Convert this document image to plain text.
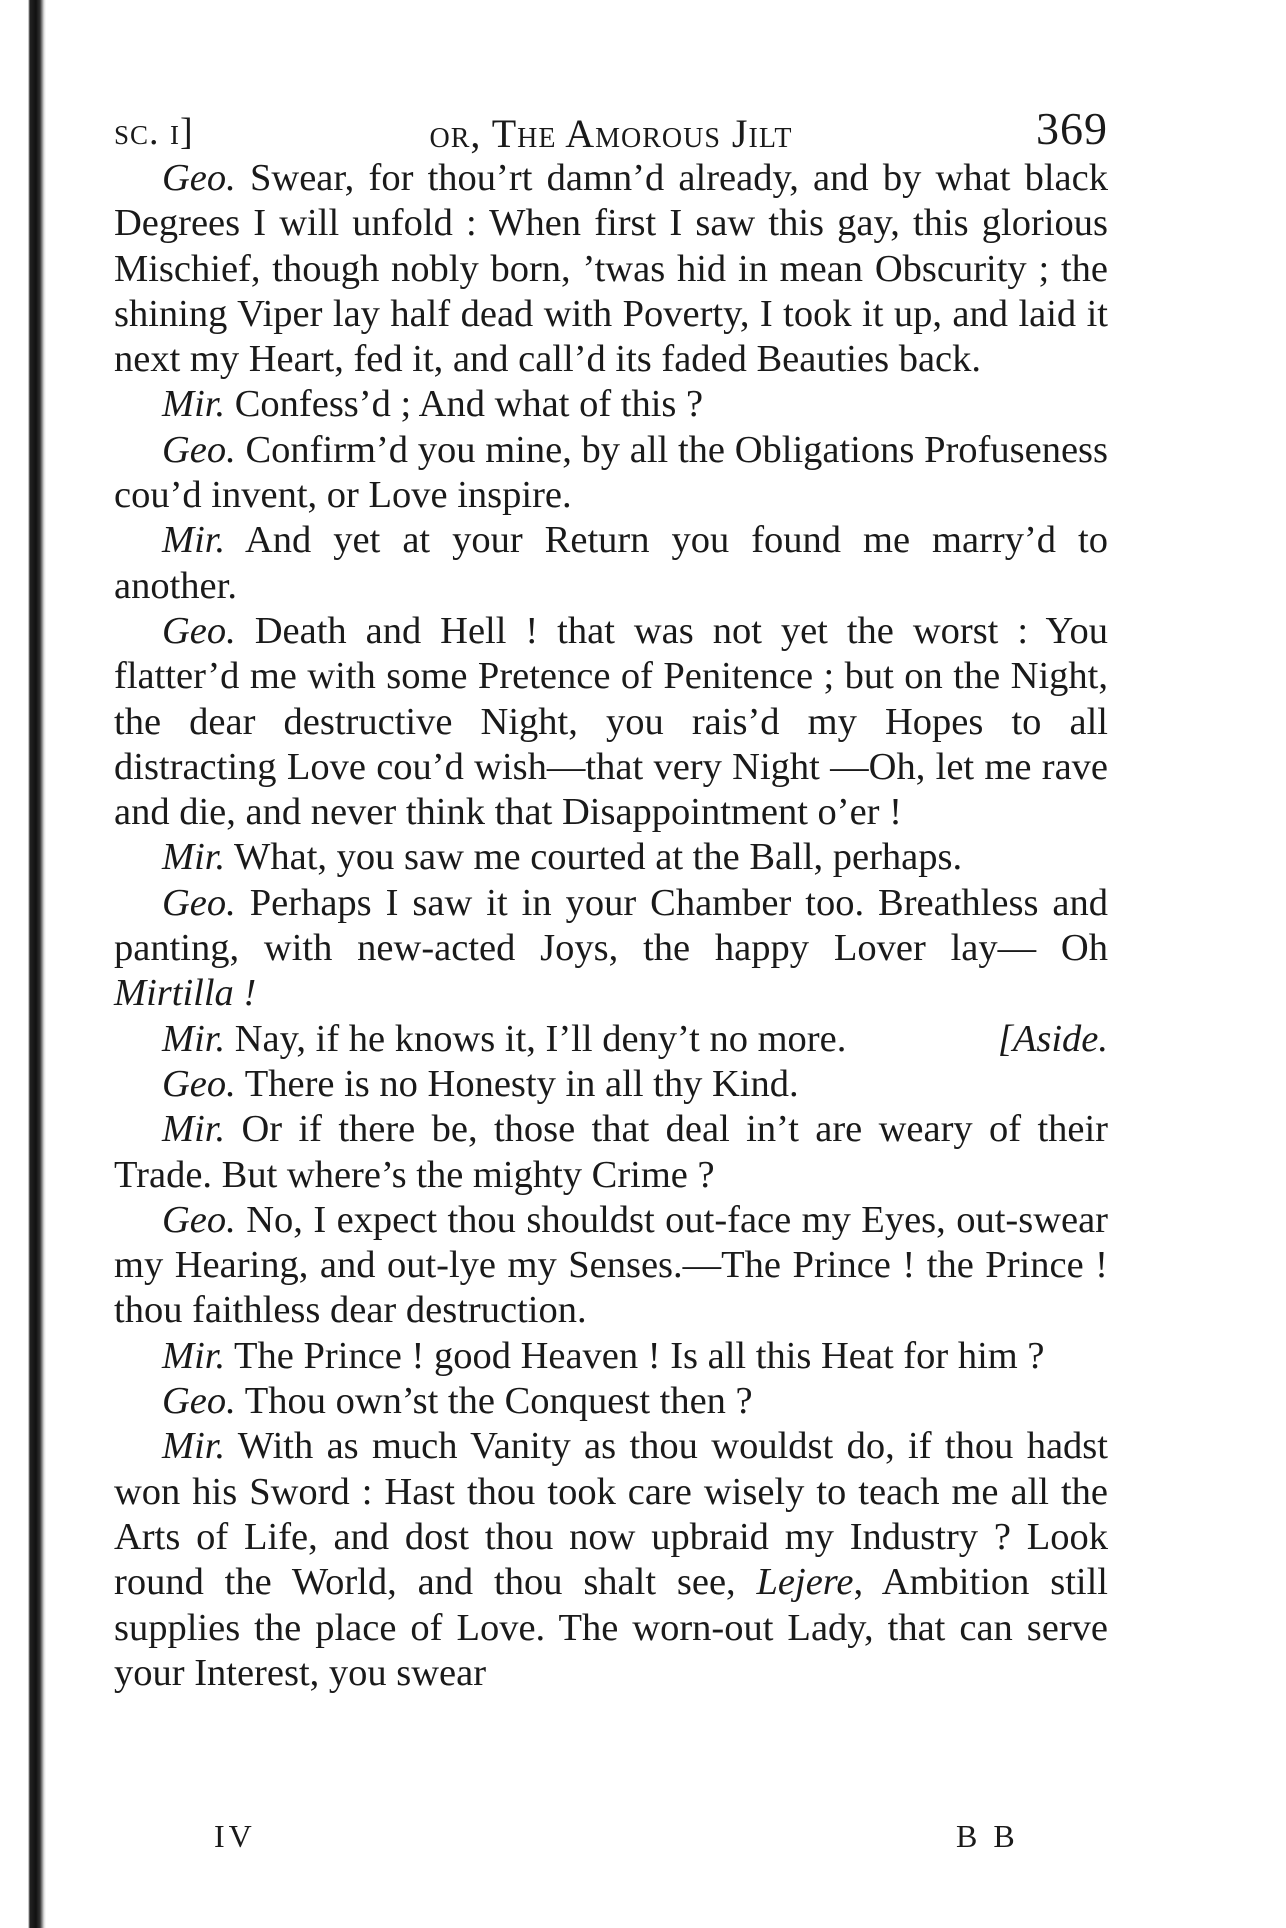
sc. i]	or, The Amorous Jilt	369

Geo. Swear, for thou’rt damn’d already, and by what black Degrees I will unfold : When first I saw this gay, this glorious Mischief, though nobly born, ’twas hid in mean Obscurity ; the shining Viper lay half dead with Poverty, I took it up, and laid it next my Heart, fed it, and call’d its faded Beauties back.

Mir. Confess’d ; And what of this ?

Geo. Confirm’d you mine, by all the Obligations Profuseness cou’d invent, or Love inspire.

Mir. And yet at your Return you found me marry’d to another.

Geo. Death and Hell ! that was not yet the worst : You flatter’d me with some Pretence of Penitence ; but on the Night, the dear destructive Night, you rais’d my Hopes to all distracting Love cou’d wish—that very Night —Oh, let me rave and die, and never think that Disappointment o’er !

Mir. What, you saw me courted at the Ball, perhaps.

Geo. Perhaps I saw it in your Chamber too. Breathless and panting, with new-acted Joys, the happy Lover lay— Oh Mirtilla !

Mir. Nay, if he knows it, I’ll deny’t no more.	[Aside.

Geo. There is no Honesty in all thy Kind.

Mir. Or if there be, those that deal in’t are weary of their Trade. But where’s the mighty Crime ?

Geo. No, I expect thou shouldst out-face my Eyes, out-swear my Hearing, and out-lye my Senses.—The Prince ! the Prince ! thou faithless dear destruction.

Mir. The Prince ! good Heaven ! Is all this Heat for him ?

Geo. Thou own’st the Conquest then ?

Mir. With as much Vanity as thou wouldst do, if thou hadst won his Sword : Hast thou took care wisely to teach me all the Arts of Life, and dost thou now upbraid my Industry ? Look round the World, and thou shalt see, Lejere, Ambition still supplies the place of Love. The worn-out Lady, that can serve your Interest, you swear

IV	B B
